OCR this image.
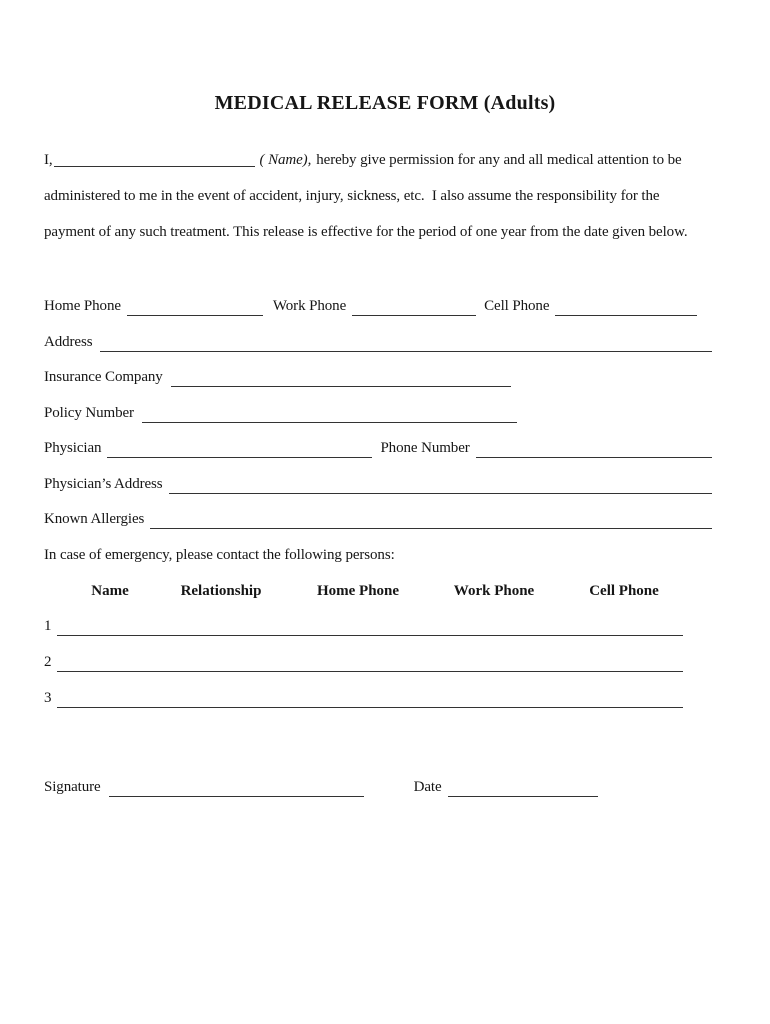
MEDICAL RELEASE FORM (Adults)
I,	( Name), hereby give permission for any and all medical attention to be
administered to me in the event of accident, injury, sickness, etc.  I also assume the responsibility for the
payment of any such treatment. This release is effective for the period of one year from the date given below.
Home Phone	Work Phone	Cell Phone
Address
Insurance Company
Policy Number
Physician	Phone Number
Physician’s Address
Known Allergies
In case of emergency, please contact the following persons:
Name	Relationship	Home Phone	Work Phone	Cell Phone
1
2
3
Signature	Date
